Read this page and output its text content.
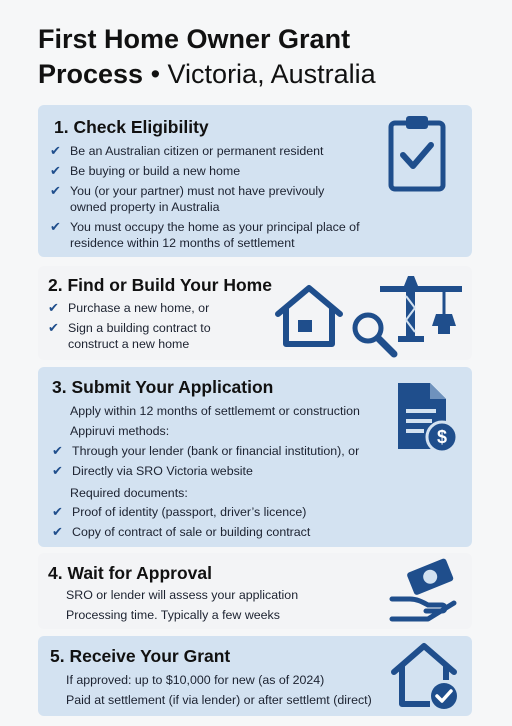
First Home Owner Grant
Process • Victoria, Australia
1. Check Eligibility
✔ Be an Australian citizen or permanent resident
✔ Be buying or build a new home
✔ You (or your partner) must not have previvouly owned property in Australia
✔ You must occupy the home as your principal place of residence within 12 months of settlement
2. Find or Build Your Home
✔ Purchase a new home, or
✔ Sign a building contract to construct a new home
3. Submit Your Application
Apply within 12 months of settlememt or construction
Appiruvi methods:
✔ Through your lender (bank or financial institution), or
✔ Directly via SRO Victoria website
Required documents:
✔ Proof of identity (passport, driver’s licence)
✔ Copy of contract of sale or building contract
$
4. Wait for Approval
SRO or lender will assess your application
Processing time. Typically a few weeks
5. Receive Your Grant
If approved: up to $10,000 for new (as of 2024)
Paid at settlement (if via lender) or after settlemt (direct)
